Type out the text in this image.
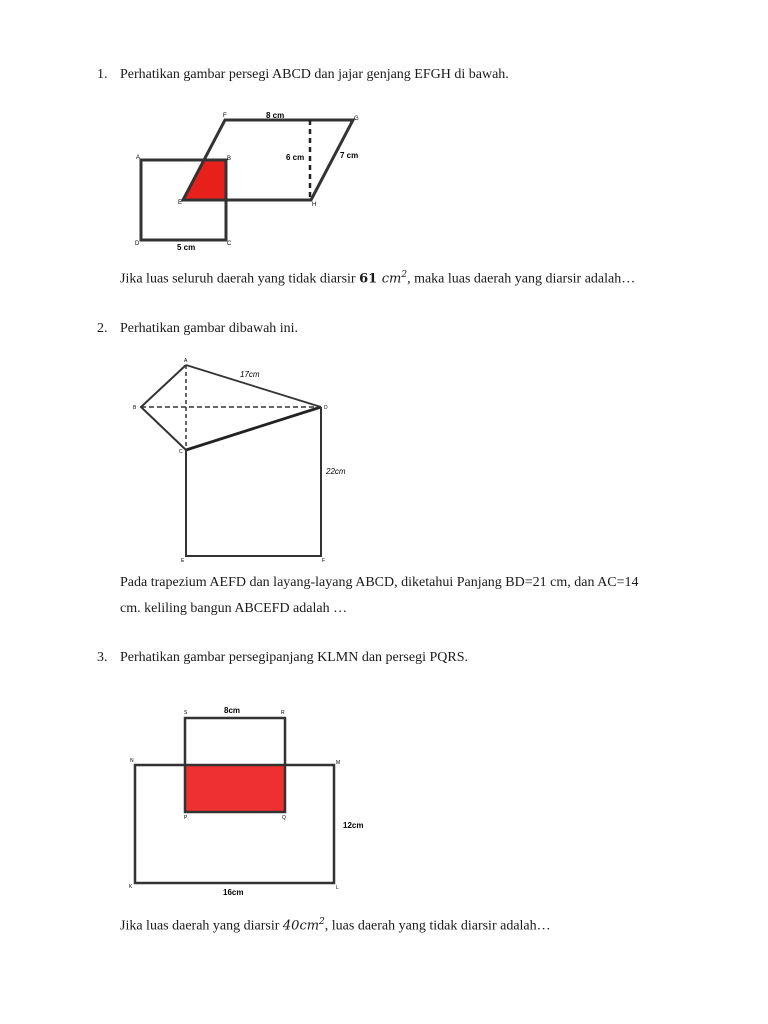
1. Perhatikan gambar persegi ABCD dan jajar genjang EFGH di bawah.
F	G
A	B
E	H
D	C
8 cm
6 cm	7 cm
5 cm
Jika luas seluruh daerah yang tidak diarsir 61 $cm^2$, maka luas daerah yang diarsir adalah…
2. Perhatikan gambar dibawah ini.
A
B
C
D
E	F
17cm
22cm
Pada trapezium AEFD dan layang-layang ABCD, diketahui Panjang BD=21 cm, dan AC=14
cm. keliling bangun ABCEFD adalah …
3. Perhatikan gambar persegipanjang KLMN dan persegi PQRS.
S	R
N	M
P	Q
K	L
8cm
12cm
16cm
Jika luas daerah yang diarsir $40cm^2$, luas daerah yang tidak diarsir adalah…
